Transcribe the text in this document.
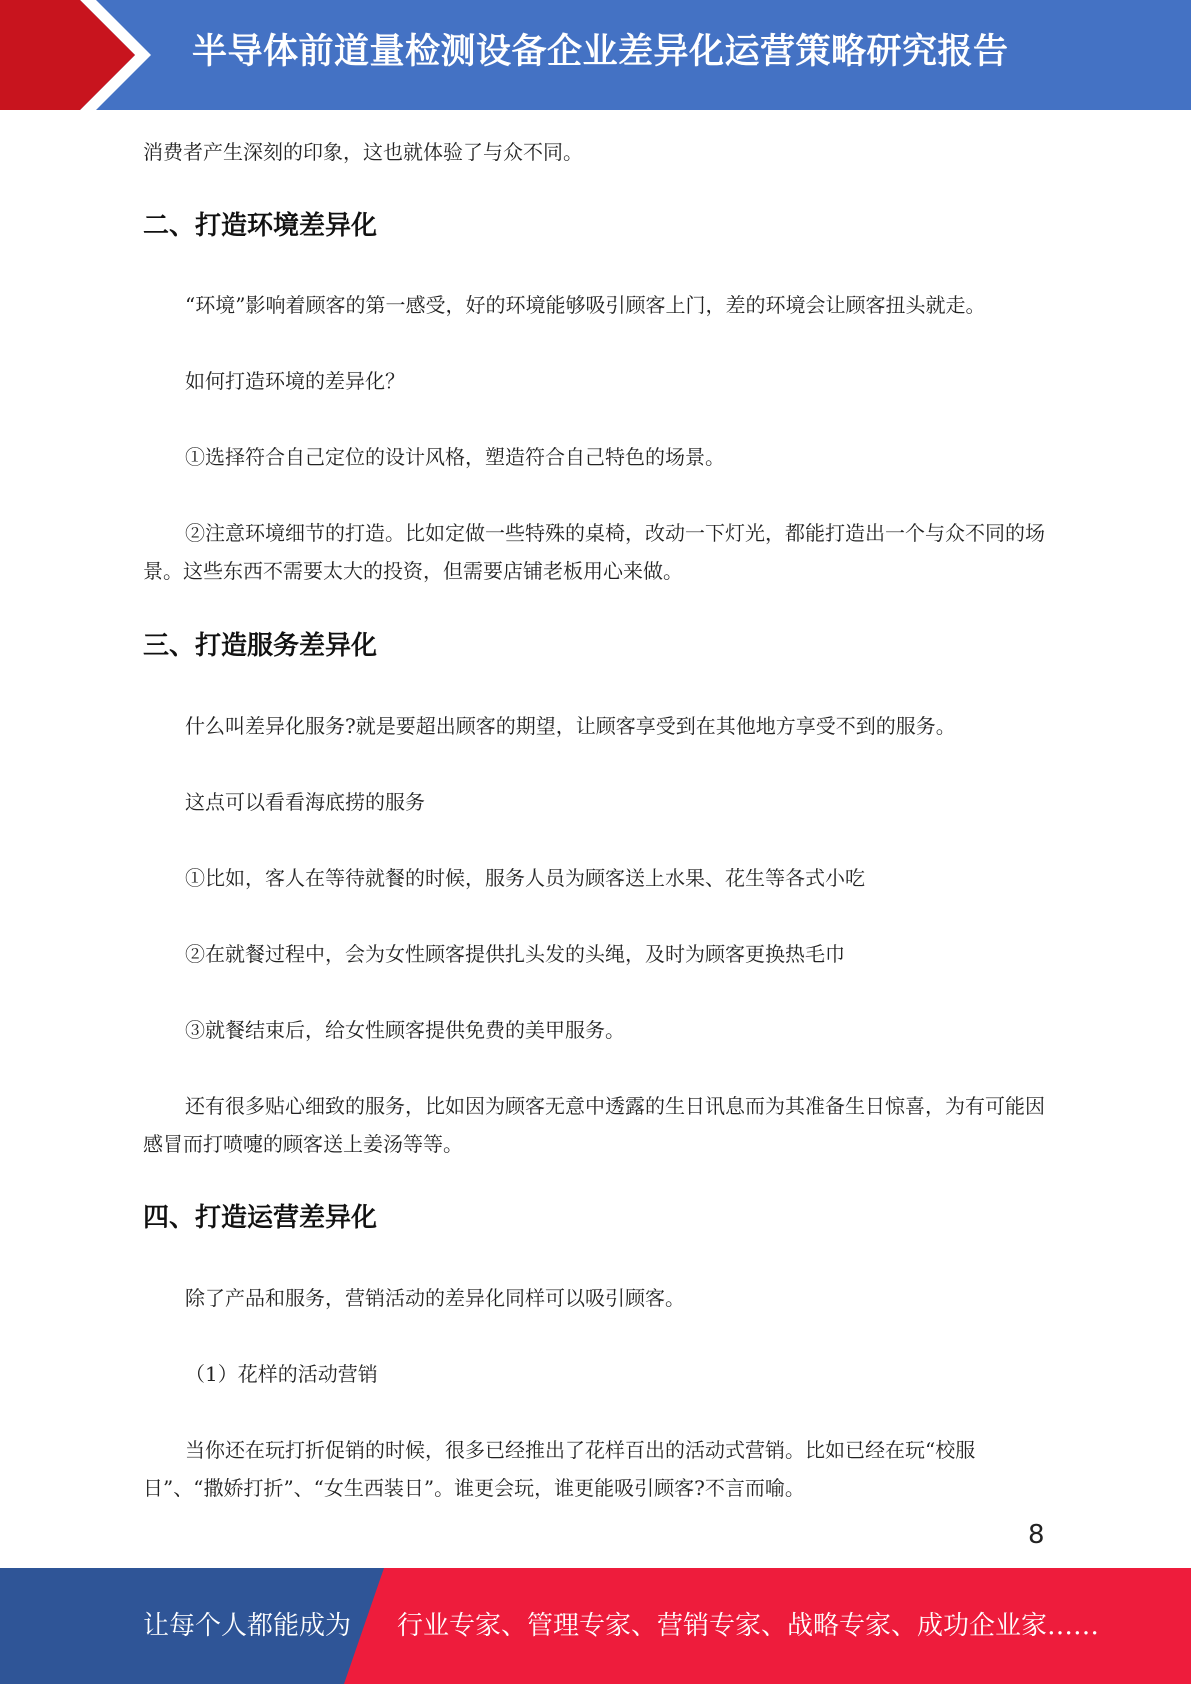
半导体前道量检测设备企业差异化运营策略研究报告

消费者产生深刻的印象，这也就体验了与众不同。

二、打造环境差异化

“环境”影响着顾客的第一感受，好的环境能够吸引顾客上门，差的环境会让顾客扭头就走。

如何打造环境的差异化？

①选择符合自己定位的设计风格，塑造符合自己特色的场景。

②注意环境细节的打造。比如定做一些特殊的桌椅，改动一下灯光，都能打造出一个与众不同的场景。这些东西不需要太大的投资，但需要店铺老板用心来做。

三、打造服务差异化

什么叫差异化服务?就是要超出顾客的期望，让顾客享受到在其他地方享受不到的服务。

这点可以看看海底捞的服务

①比如，客人在等待就餐的时候，服务人员为顾客送上水果、花生等各式小吃

②在就餐过程中，会为女性顾客提供扎头发的头绳，及时为顾客更换热毛巾

③就餐结束后，给女性顾客提供免费的美甲服务。

还有很多贴心细致的服务，比如因为顾客无意中透露的生日讯息而为其准备生日惊喜，为有可能因感冒而打喷嚏的顾客送上姜汤等等。

四、打造运营差异化

除了产品和服务，营销活动的差异化同样可以吸引顾客。

（1）花样的活动营销

当你还在玩打折促销的时候，很多已经推出了花样百出的活动式营销。比如已经在玩“校服日”、“撒娇打折”、“女生西装日”。谁更会玩，谁更能吸引顾客?不言而喻。

8
让每个人都能成为 行业专家、管理专家、营销专家、战略专家、成功企业家……
